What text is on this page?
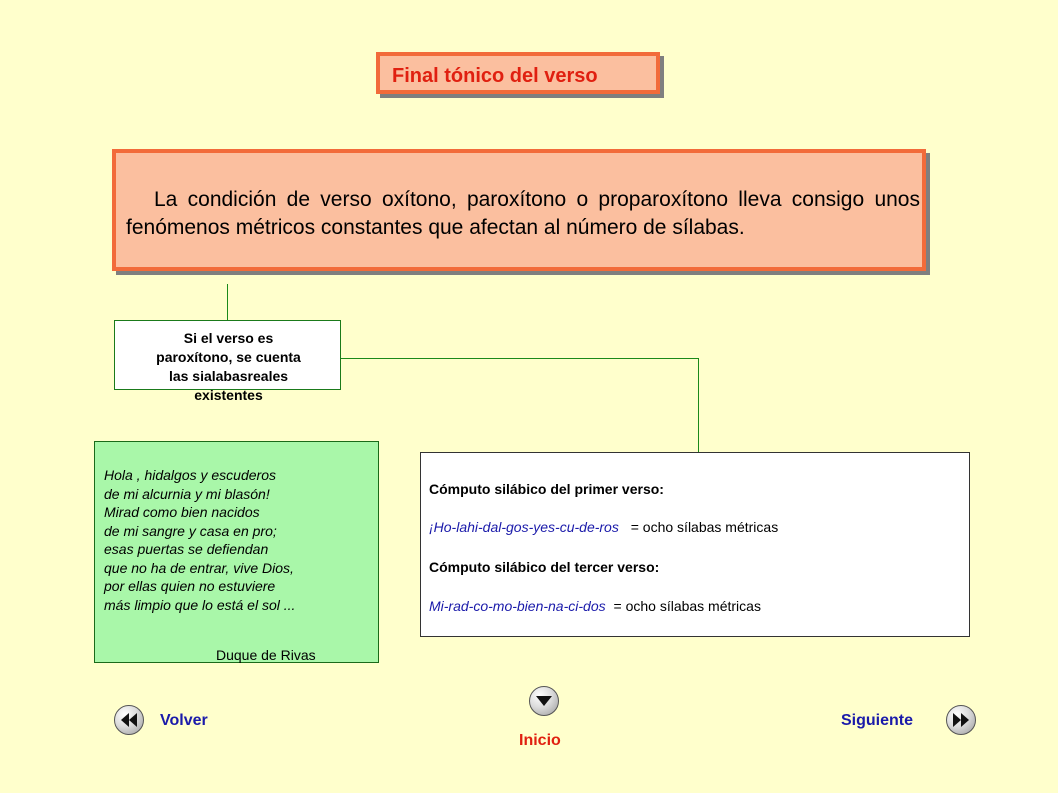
Final tónico del verso

La condición de verso oxítono, paroxítono o proparoxítono lleva consigo unos fenómenos métricos constantes que afectan al número de sílabas.

Si el verso es
paroxítono, se cuenta
las sialabasreales
existentes

Hola , hidalgos y escuderos
de mi alcurnia y mi blasón!
Mirad como bien nacidos
de mi sangre y casa en pro;
esas puertas se defiendan
que no ha de entrar, vive Dios,
por ellas quien no estuviere
más limpio que lo está el sol ...
Duque de Rivas
Cómputo silábico del primer verso:
¡Ho-lahi-dal-gos-yes-cu-de-ros = ocho sílabas métricas
Cómputo silábico del tercer verso:
Mi-rad-co-mo-bien-na-ci-dos = ocho sílabas métricas
Volver
Inicio
Siguiente
